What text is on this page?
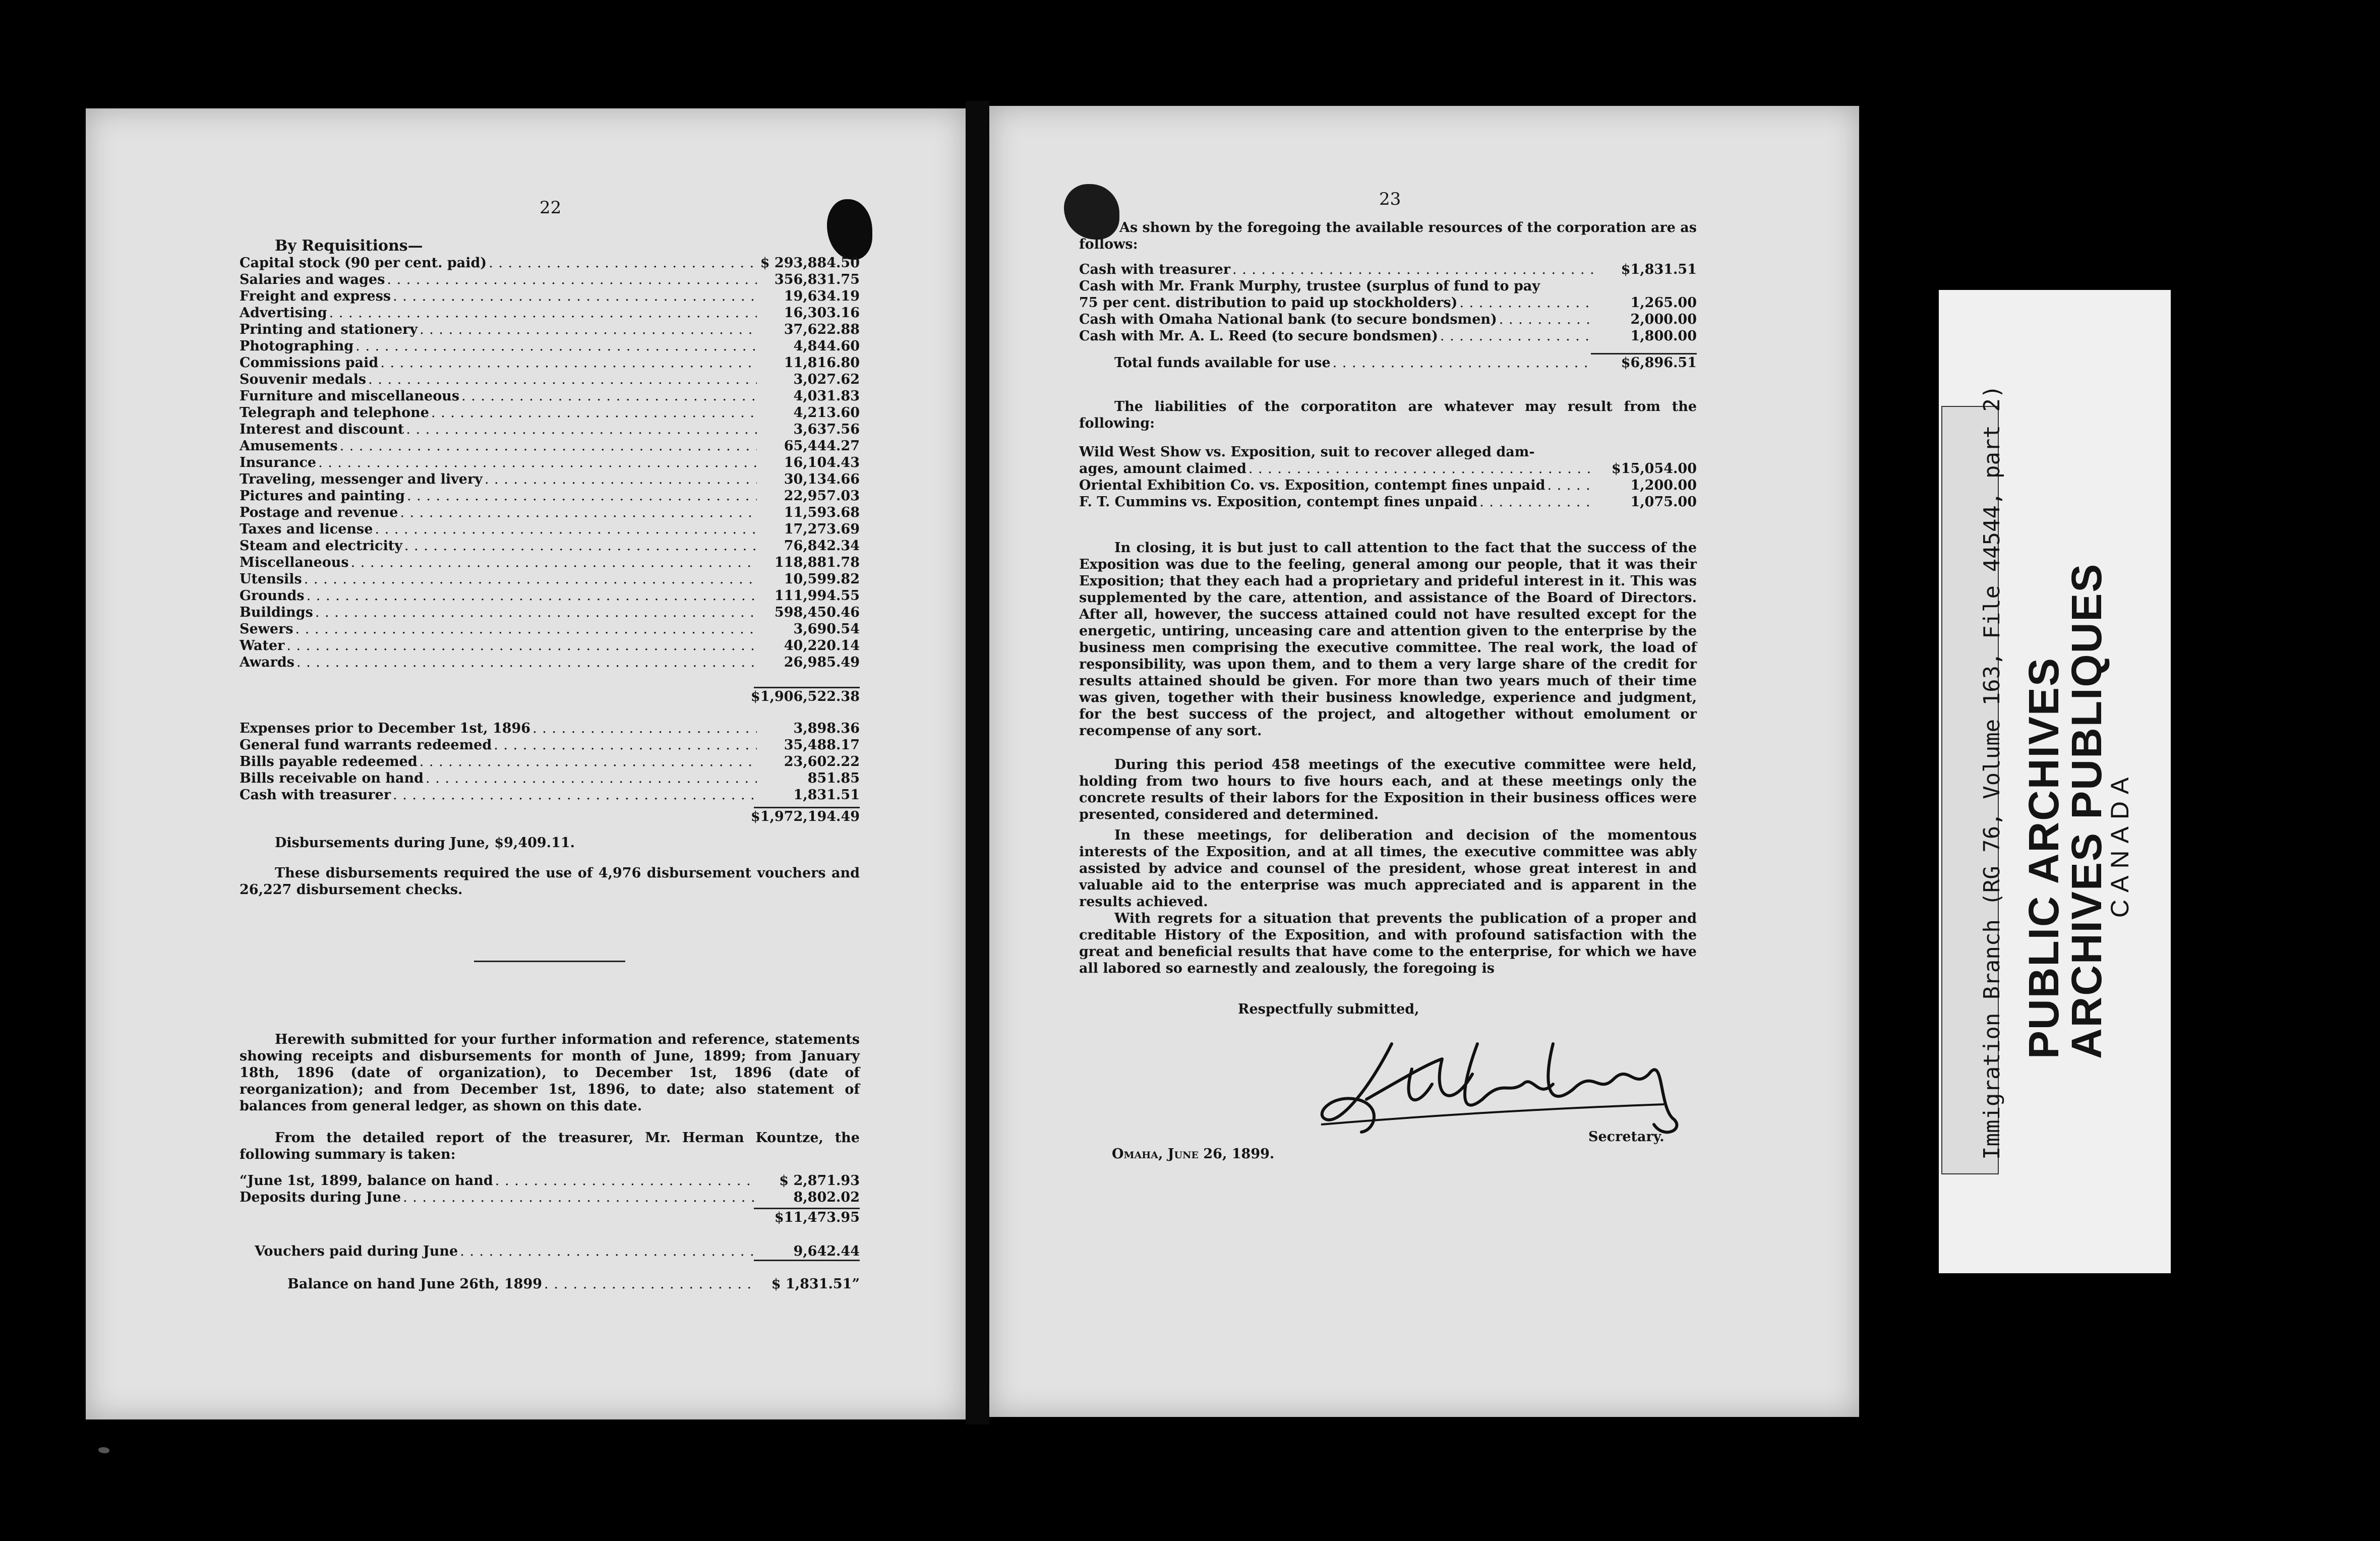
22
By Requisitions—
Capital stock (90 per cent. paid) . . .	$ 293,884.50
Salaries and wages . . .	356,831.75
Freight and express . . .	19,634.19
Advertising . . .	16,303.16
Printing and stationery . . .	37,622.88
Photographing . . .	4,844.60
Commissions paid . . .	11,816.80
Souvenir medals . . .	3,027.62
Furniture and miscellaneous . . .	4,031.83
Telegraph and telephone . . .	4,213.60
Interest and discount . . .	3,637.56
Amusements . . .	65,444.27
Insurance . . .	16,104.43
Traveling, messenger and livery . . .	30,134.66
Pictures and painting . . .	22,957.03
Postage and revenue . . .	11,593.68
Taxes and license . . .	17,273.69
Steam and electricity . . .	76,842.34
Miscellaneous . . .	118,881.78
Utensils . . .	10,599.82
Grounds . . .	111,994.55
Buildings . . .	598,450.46
Sewers . . .	3,690.54
Water . . .	40,220.14
Awards . . .	26,985.49
$1,906,522.38
Expenses prior to December 1st, 1896 . . .	3,898.36
General fund warrants redeemed . . .	35,488.17
Bills payable redeemed . . .	23,602.22
Bills receivable on hand . . .	851.85
Cash with treasurer . . .	1,831.51
$1,972,194.49
Disbursements during June, $9,409.11.
These disbursements required the use of 4,976 disbursement vouchers and 26,227 disbursement checks.
Herewith submitted for your further information and reference, statements showing receipts and disbursements for month of June, 1899; from January 18th, 1896 (date of organization), to December 1st, 1896 (date of reorganization); and from December 1st, 1896, to date; also statement of balances from general ledger, as shown on this date.
From the detailed report of the treasurer, Mr. Herman Kountze, the following summary is taken:
“June 1st, 1899, balance on hand . . .	$ 2,871.93
Deposits during June . . .	8,802.02
$11,473.95
Vouchers paid during June . . .	9,642.44
Balance on hand June 26th, 1899 . . .	$ 1,831.51”
23
As shown by the foregoing the available resources of the corporation are as follows:
Cash with treasurer . . .	$1,831.51
Cash with Mr. Frank Murphy, trustee (surplus of fund to pay
75 per cent. distribution to paid up stockholders) . . .	1,265.00
Cash with Omaha National bank (to secure bondsmen) . . .	2,000.00
Cash with Mr. A. L. Reed (to secure bondsmen) . . .	1,800.00
Total funds available for use . . .	$6,896.51
The liabilities of the corporatiton are whatever may result from the following:
Wild West Show vs. Exposition, suit to recover alleged dam-
ages, amount claimed . . .	$15,054.00
Oriental Exhibition Co. vs. Exposition, contempt fines unpaid . . .	1,200.00
F. T. Cummins vs. Exposition, contempt fines unpaid . . .	1,075.00
In closing, it is but just to call attention to the fact that the success of the Exposition was due to the feeling, general among our people, that it was their Exposition; that they each had a proprietary and prideful interest in it. This was supplemented by the care, attention, and assistance of the Board of Directors. After all, however, the success attained could not have resulted except for the energetic, untiring, unceasing care and attention given to the enterprise by the business men comprising the executive committee. The real work, the load of responsibility, was upon them, and to them a very large share of the credit for results attained should be given. For more than two years much of their time was given, together with their business knowledge, experience and judgment, for the best success of the project, and altogether without emolument or recompense of any sort.
During this period 458 meetings of the executive committee were held, holding from two hours to five hours each, and at these meetings only the concrete results of their labors for the Exposition in their business offices were presented, considered and determined.
In these meetings, for deliberation and decision of the momentous interests of the Exposition, and at all times, the executive committee was ably assisted by advice and counsel of the president, whose great interest in and valuable aid to the enterprise was much appreciated and is apparent in the results achieved.
With regrets for a situation that prevents the publication of a proper and creditable History of the Exposition, and with profound satisfaction with the great and beneficial results that have come to the enterprise, for which we have all labored so earnestly and zealously, the foregoing is
Respectfully submitted,
Secretary.
Omaha, June 26, 1899.	Immigration Branch (RG 76, Volume 163, File 44544, part 2) PUBLIC ARCHIVES
ARCHIVES PUBLIQUES
CANADA
